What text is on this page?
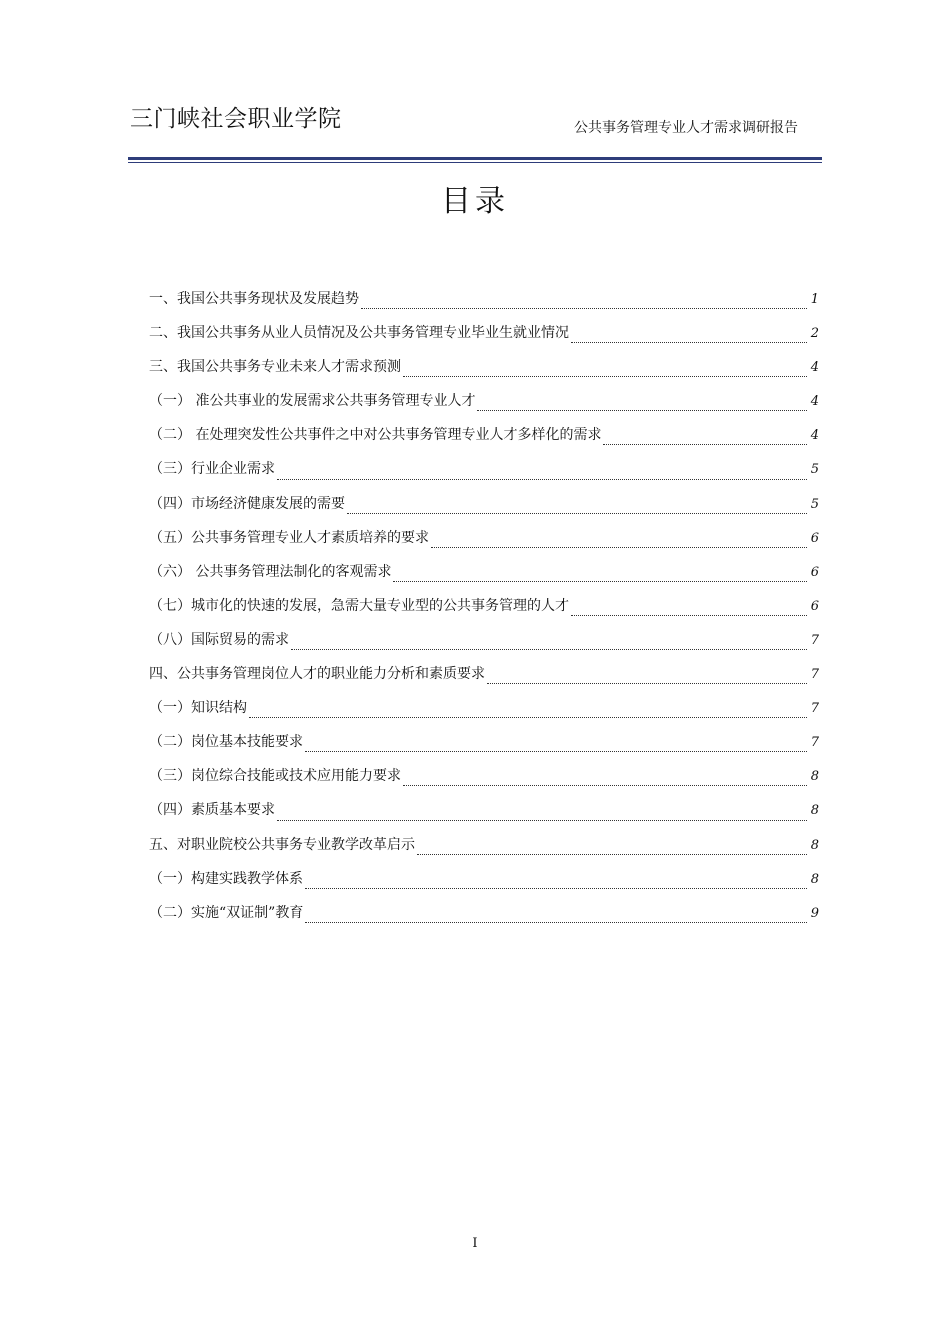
三门峡社会职业学院	公共事务管理专业人才需求调研报告
目录
一、我国公共事务现状及发展趋势	1
二、我国公共事务从业人员情况及公共事务管理专业毕业生就业情况	2
三、我国公共事务专业未来人才需求预测	4
（一） 准公共事业的发展需求公共事务管理专业人才	4
（二） 在处理突发性公共事件之中对公共事务管理专业人才多样化的需求	4
（三）行业企业需求	5
（四）市场经济健康发展的需要	5
（五）公共事务管理专业人才素质培养的要求	6
（六） 公共事务管理法制化的客观需求	6
（七）城市化的快速的发展，急需大量专业型的公共事务管理的人才	6
（八）国际贸易的需求	7
四、公共事务管理岗位人才的职业能力分析和素质要求	7
（一）知识结构	7
（二）岗位基本技能要求	7
（三）岗位综合技能或技术应用能力要求	8
（四）素质基本要求	8
五、对职业院校公共事务专业教学改革启示	8
（一）构建实践教学体系	8
（二）实施“双证制”教育	9
I
